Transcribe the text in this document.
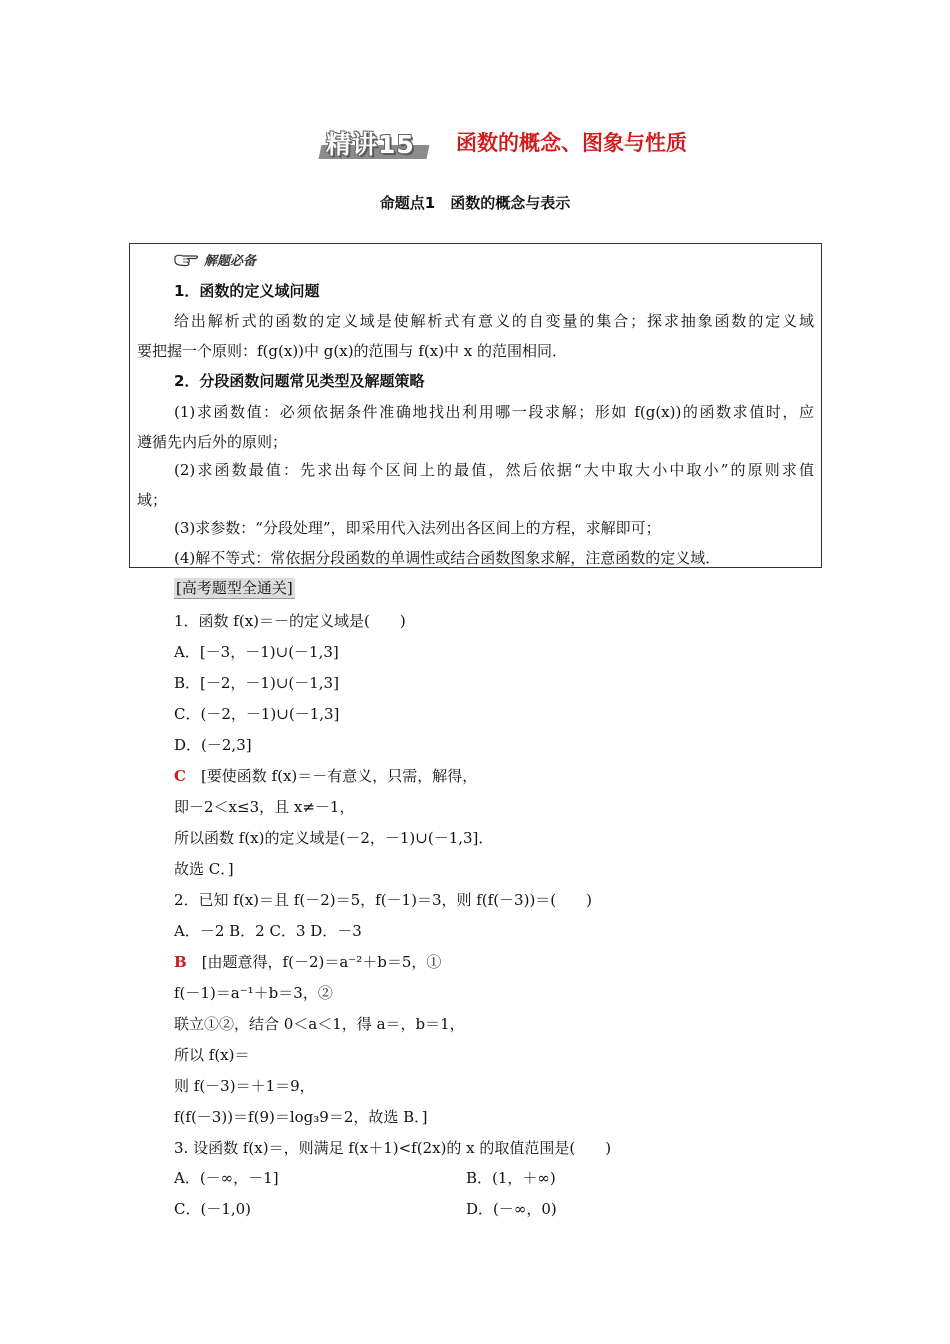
精讲15 函数的概念、图象与性质
命题点1　函数的概念与表示
解题必备
1．函数的定义域问题
给出解析式的函数的定义域是使解析式有意义的自变量的集合；探求抽象函数的定义域
要把握一个原则：f(g(x))中 g(x)的范围与 f(x)中 x 的范围相同．
2．分段函数问题常见类型及解题策略
(1)求函数值：必须依据条件准确地找出利用哪一段求解；形如 f(g(x))的函数求值时，应
遵循先内后外的原则；
(2)求函数最值：先求出每个区间上的最值，然后依据“大中取大小中取小”的原则求值
域；
(3)求参数：“分段处理”，即采用代入法列出各区间上的方程，求解即可；
(4)解不等式：常依据分段函数的单调性或结合函数图象求解，注意函数的定义域．
[高考题型全通关]
1．函数 f(x)＝－的定义域是(　　)
A．[－3，－1)∪(－1,3]
B．[－2，－1)∪(－1,3]
C．(－2，－1)∪(－1,3]
D．(－2,3]
C  [要使函数 f(x)＝－有意义，只需，解得，
即－2＜x≤3，且 x≠－1，
所以函数 f(x)的定义域是(－2，－1)∪(－1,3]．
故选 C．]
2．已知 f(x)＝且 f(－2)＝5，f(－1)＝3，则 f(f(－3))＝(　　)
A．－2 B．2 C．3 D．－3
B  [由题意得，f(－2)＝a⁻²＋b＝5，①
f(－1)＝a⁻¹＋b＝3，②
联立①②，结合 0＜a＜1，得 a＝，b＝1，
所以 f(x)＝
则 f(－3)＝＋1＝9，
f(f(－3))＝f(9)＝log₃9＝2，故选 B．]
3. 设函数 f(x)＝，则满足 f(x＋1)<f(2x)的 x 的取值范围是(　　)
A．(－∞，－1]	B．(1，＋∞)
C．(－1,0)	D．(－∞，0)
